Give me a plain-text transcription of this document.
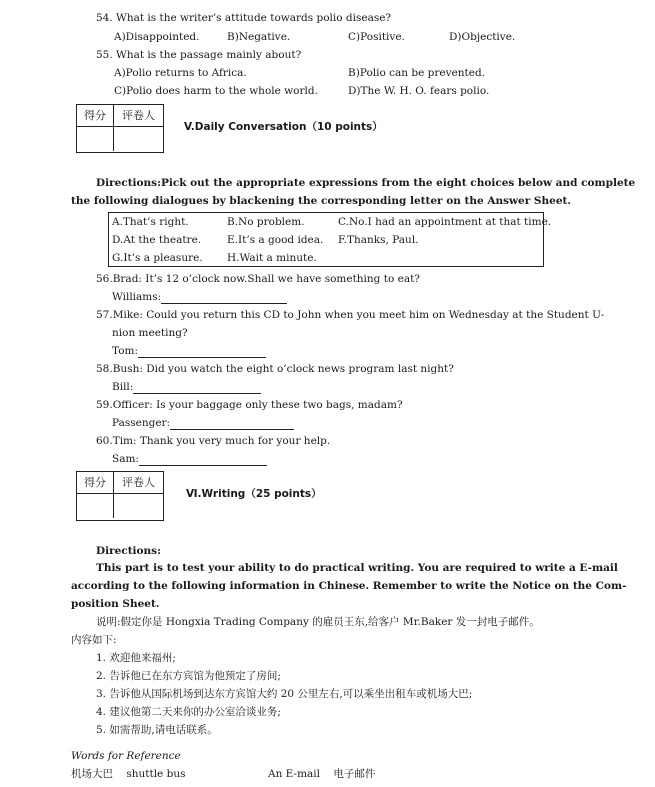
54. What is the writer’s attitude towards polio disease?
A)Disappointed.	B)Negative.	C)Positive.	D)Objective.
55. What is the passage mainly about?
A)Polio returns to Africa.	B)Polio can be prevented.
C)Polio does harm to the whole world.	D)The W. H. O. fears polio.
得分	评卷人
V.Daily Conversation（10 points）
Directions:Pick out the appropriate expressions from the eight choices below and complete
the following dialogues by blackening the corresponding letter on the Answer Sheet.
A.That’s right.	B.No problem.	C.No.I had an appointment at that time.
D.At the theatre. E.It’s a good idea. F.Thanks, Paul.
G.It’s a pleasure. H.Wait a minute.
56.Brad: It’s 12 o’clock now.Shall we have something to eat?
Williams:
57.Mike: Could you return this CD to John when you meet him on Wednesday at the Student U-
nion meeting?
Tom:
58.Bush: Did you watch the eight o’clock news program last night?
Bill:
59.Officer: Is your baggage only these two bags, madam?
Passenger:
60.Tim: Thank you very much for your help.
Sam:
得分	评卷人
Ⅵ.Writing（25 points）
Directions:
This part is to test your ability to do practical writing. You are required to write a E-mail
according to the following information in Chinese. Remember to write the Notice on the Com-
position Sheet.
说明:假定你是 Hongxia Trading Company 的雇员王东,给客户 Mr.Baker 发一封电子邮件。
内容如下:
1. 欢迎他来福州;
2. 告诉他已在东方宾馆为他预定了房间;
3. 告诉他从国际机场到达东方宾馆大约 20 公里左右,可以乘坐出租车或机场大巴;
4. 建议他第二天来你的办公室洽谈业务;
5. 如需帮助,请电话联系。
Words for Reference
机场大巴    shuttle bus	An E-mail    电子邮件
